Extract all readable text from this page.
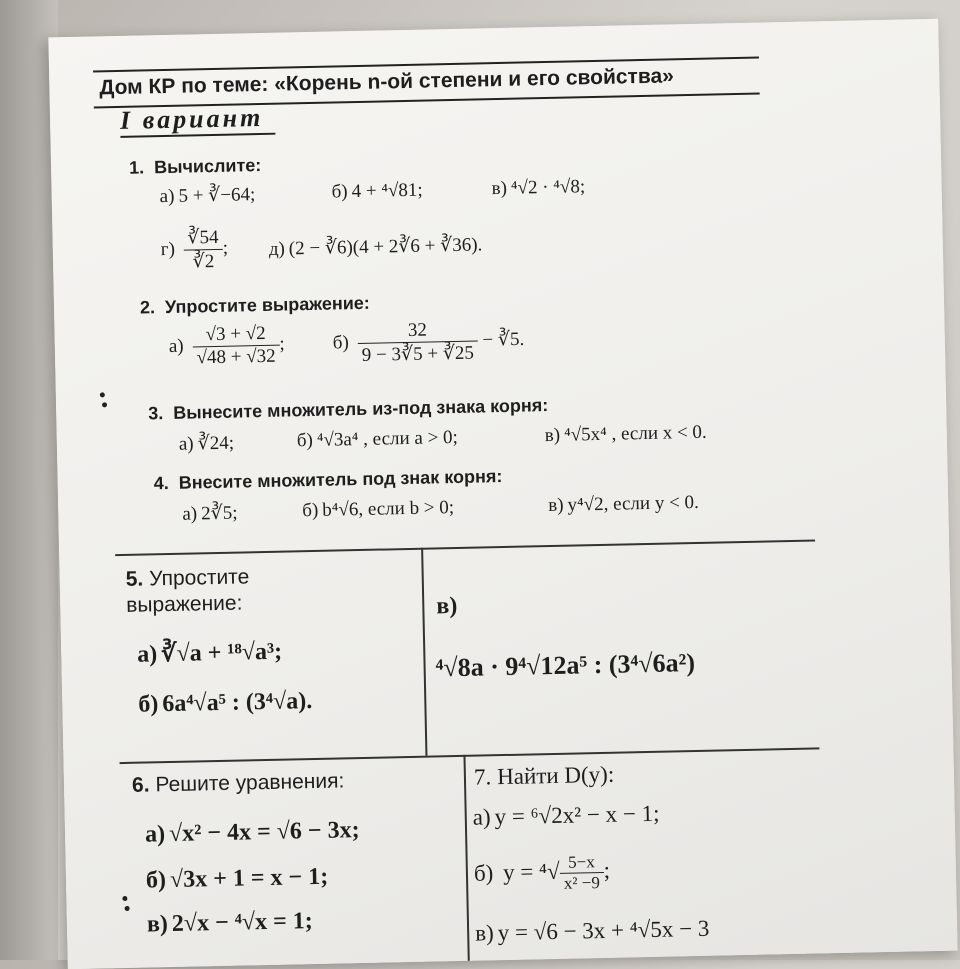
Дом КР по теме: «Корень n-ой степени и его свойства»
I вариант
1. Вычислите:
а) 5 + ∛−64;	б) 4 + ⁴√81;	в) ⁴√2 · ⁴√8;
$г) \frac{∛54}{∛2}$ ; д) (2 − ∛6)(4 + 2∛6 + ∛36).
2. Упростите выражение:
$а) \frac{√3 + √2}{√48 + √32}$ ;	$б) \frac{32}{9 - 3∛5 + ∛25}$ − ∛5.
3. Вынесите множитель из-под знака корня:
а) ∛24;	б) ⁴√3a⁴ , если a > 0;	в) ⁴√5x⁴ , если x < 0.
4. Внесите множитель под знак корня:
а) 2∛5;	б) b⁴√6, если b > 0;	в) y⁴√2, если y < 0.
5. Упростите
выражение:
а) ∛√a + ¹⁸√a³;
б) 6a⁴√a⁵ : (3⁴√a).
в)
⁴√8a · 9⁴√12a⁵ : (3⁴√6a²)
6. Решите уравнения:
а) √x² − 4x = √6 − 3x;
б) √3x + 1 = x − 1;
в) 2√x − ⁴√x = 1;
7. Найти D(y):
а) y = ⁶√2x² − x − 1;
б) $y = ^4√ \frac{5-x}{\text{x² −9}}$ ;
в) y = √6 − 3x + ⁴√5x − 3
